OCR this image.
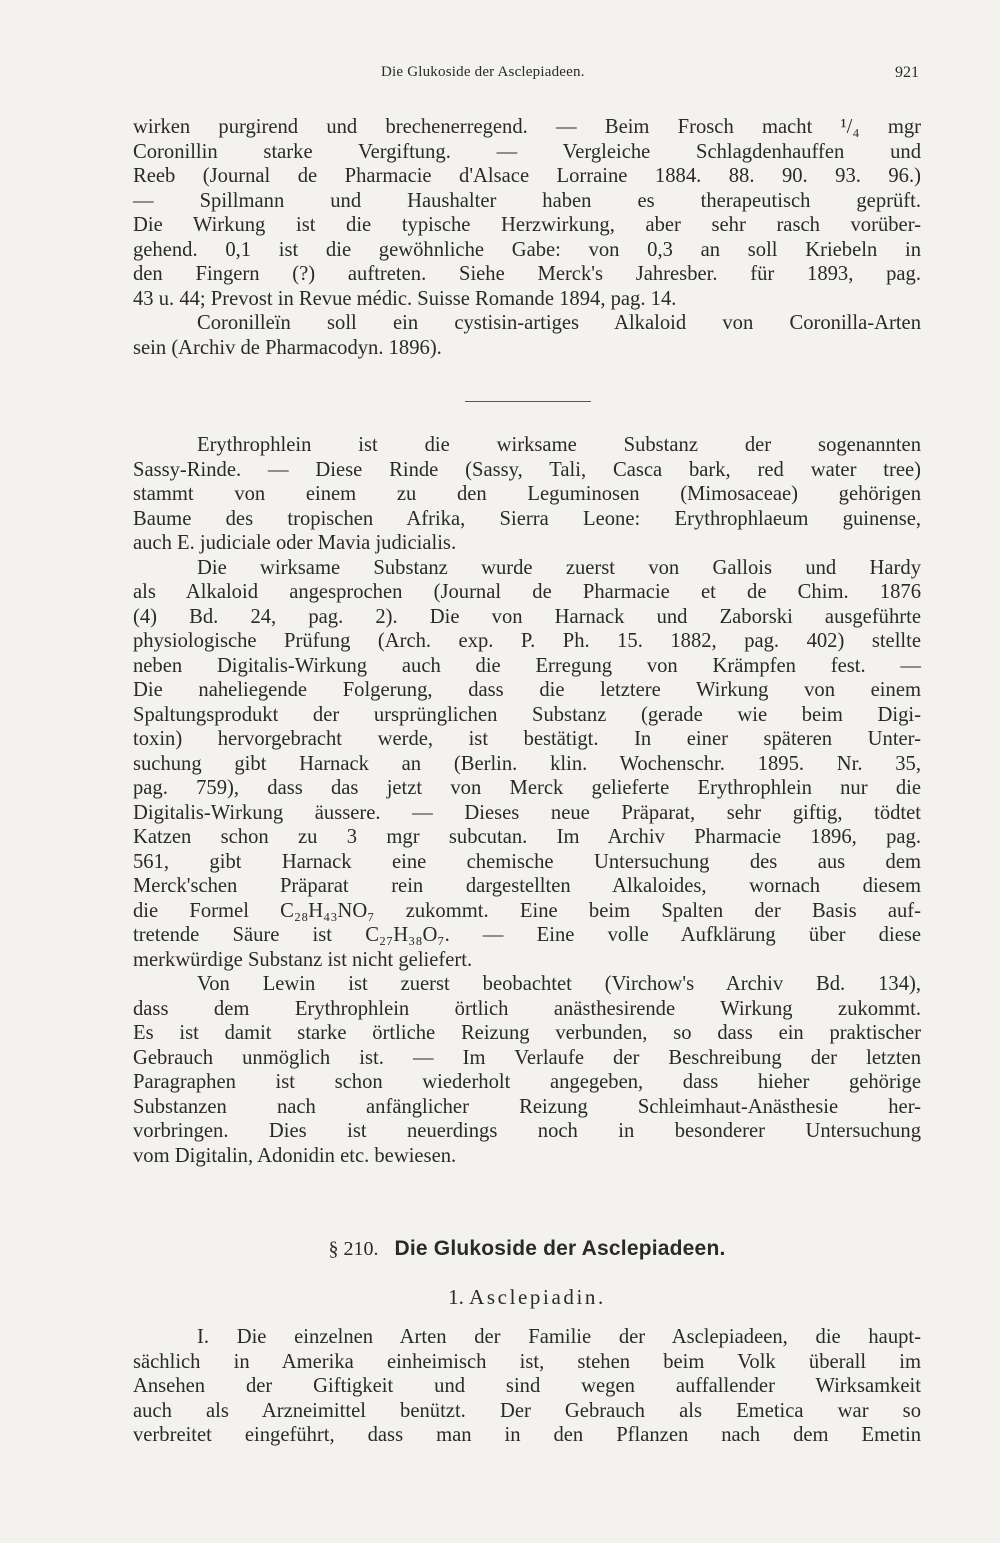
Die Glukoside der Asclepiadeen.	921
wirken purgirend und brechenerregend. — Beim Frosch macht ¹/₄ mgr
Coronillin starke Vergiftung. — Vergleiche Schlagdenhauffen und
Reeb (Journal de Pharmacie d'Alsace Lorraine 1884. 88. 90. 93. 96.)
— Spillmann und Haushalter haben es therapeutisch geprüft.
Die Wirkung ist die typische Herzwirkung, aber sehr rasch vorüber-
gehend. 0,1 ist die gewöhnliche Gabe: von 0,3 an soll Kriebeln in
den Fingern (?) auftreten. Siehe Merck's Jahresber. für 1893, pag.
43 u. 44; Prevost in Revue médic. Suisse Romande 1894, pag. 14.
Coronilleïn soll ein cystisin-artiges Alkaloid von Coronilla-Arten
sein (Archiv de Pharmacodyn. 1896).
Erythrophlein ist die wirksame Substanz der sogenannten
Sassy-Rinde. — Diese Rinde (Sassy, Tali, Casca bark, red water tree)
stammt von einem zu den Leguminosen (Mimosaceae) gehörigen
Baume des tropischen Afrika, Sierra Leone: Erythrophlaeum guinense,
auch E. judiciale oder Mavia judicialis.
Die wirksame Substanz wurde zuerst von Gallois und Hardy
als Alkaloid angesprochen (Journal de Pharmacie et de Chim. 1876
(4) Bd. 24, pag. 2). Die von Harnack und Zaborski ausgeführte
physiologische Prüfung (Arch. exp. P. Ph. 15. 1882, pag. 402) stellte
neben Digitalis-Wirkung auch die Erregung von Krämpfen fest. —
Die naheliegende Folgerung, dass die letztere Wirkung von einem
Spaltungsprodukt der ursprünglichen Substanz (gerade wie beim Digi-
toxin) hervorgebracht werde, ist bestätigt. In einer späteren Unter-
suchung gibt Harnack an (Berlin. klin. Wochenschr. 1895. Nr. 35,
pag. 759), dass das jetzt von Merck gelieferte Erythrophlein nur die
Digitalis-Wirkung äussere. — Dieses neue Präparat, sehr giftig, tödtet
Katzen schon zu 3 mgr subcutan. Im Archiv Pharmacie 1896, pag.
561, gibt Harnack eine chemische Untersuchung des aus dem
Merck'schen Präparat rein dargestellten Alkaloides, wornach diesem
die Formel C₂₈H₄₃NO₇ zukommt. Eine beim Spalten der Basis auf-
tretende Säure ist C₂₇H₃₈O₇. — Eine volle Aufklärung über diese
merkwürdige Substanz ist nicht geliefert.
Von Lewin ist zuerst beobachtet (Virchow's Archiv Bd. 134),
dass dem Erythrophlein örtlich anästhesirende Wirkung zukommt.
Es ist damit starke örtliche Reizung verbunden, so dass ein praktischer
Gebrauch unmöglich ist. — Im Verlaufe der Beschreibung der letzten
Paragraphen ist schon wiederholt angegeben, dass hieher gehörige
Substanzen nach anfänglicher Reizung Schleimhaut-Anästhesie her-
vorbringen. Dies ist neuerdings noch in besonderer Untersuchung
vom Digitalin, Adonidin etc. bewiesen.
§ 210. Die Glukoside der Asclepiadeen.
1. Asclepiadin.
I. Die einzelnen Arten der Familie der Asclepiadeen, die haupt-
sächlich in Amerika einheimisch ist, stehen beim Volk überall im
Ansehen der Giftigkeit und sind wegen auffallender Wirksamkeit
auch als Arzneimittel benützt. Der Gebrauch als Emetica war so
verbreitet eingeführt, dass man in den Pflanzen nach dem Emetin
